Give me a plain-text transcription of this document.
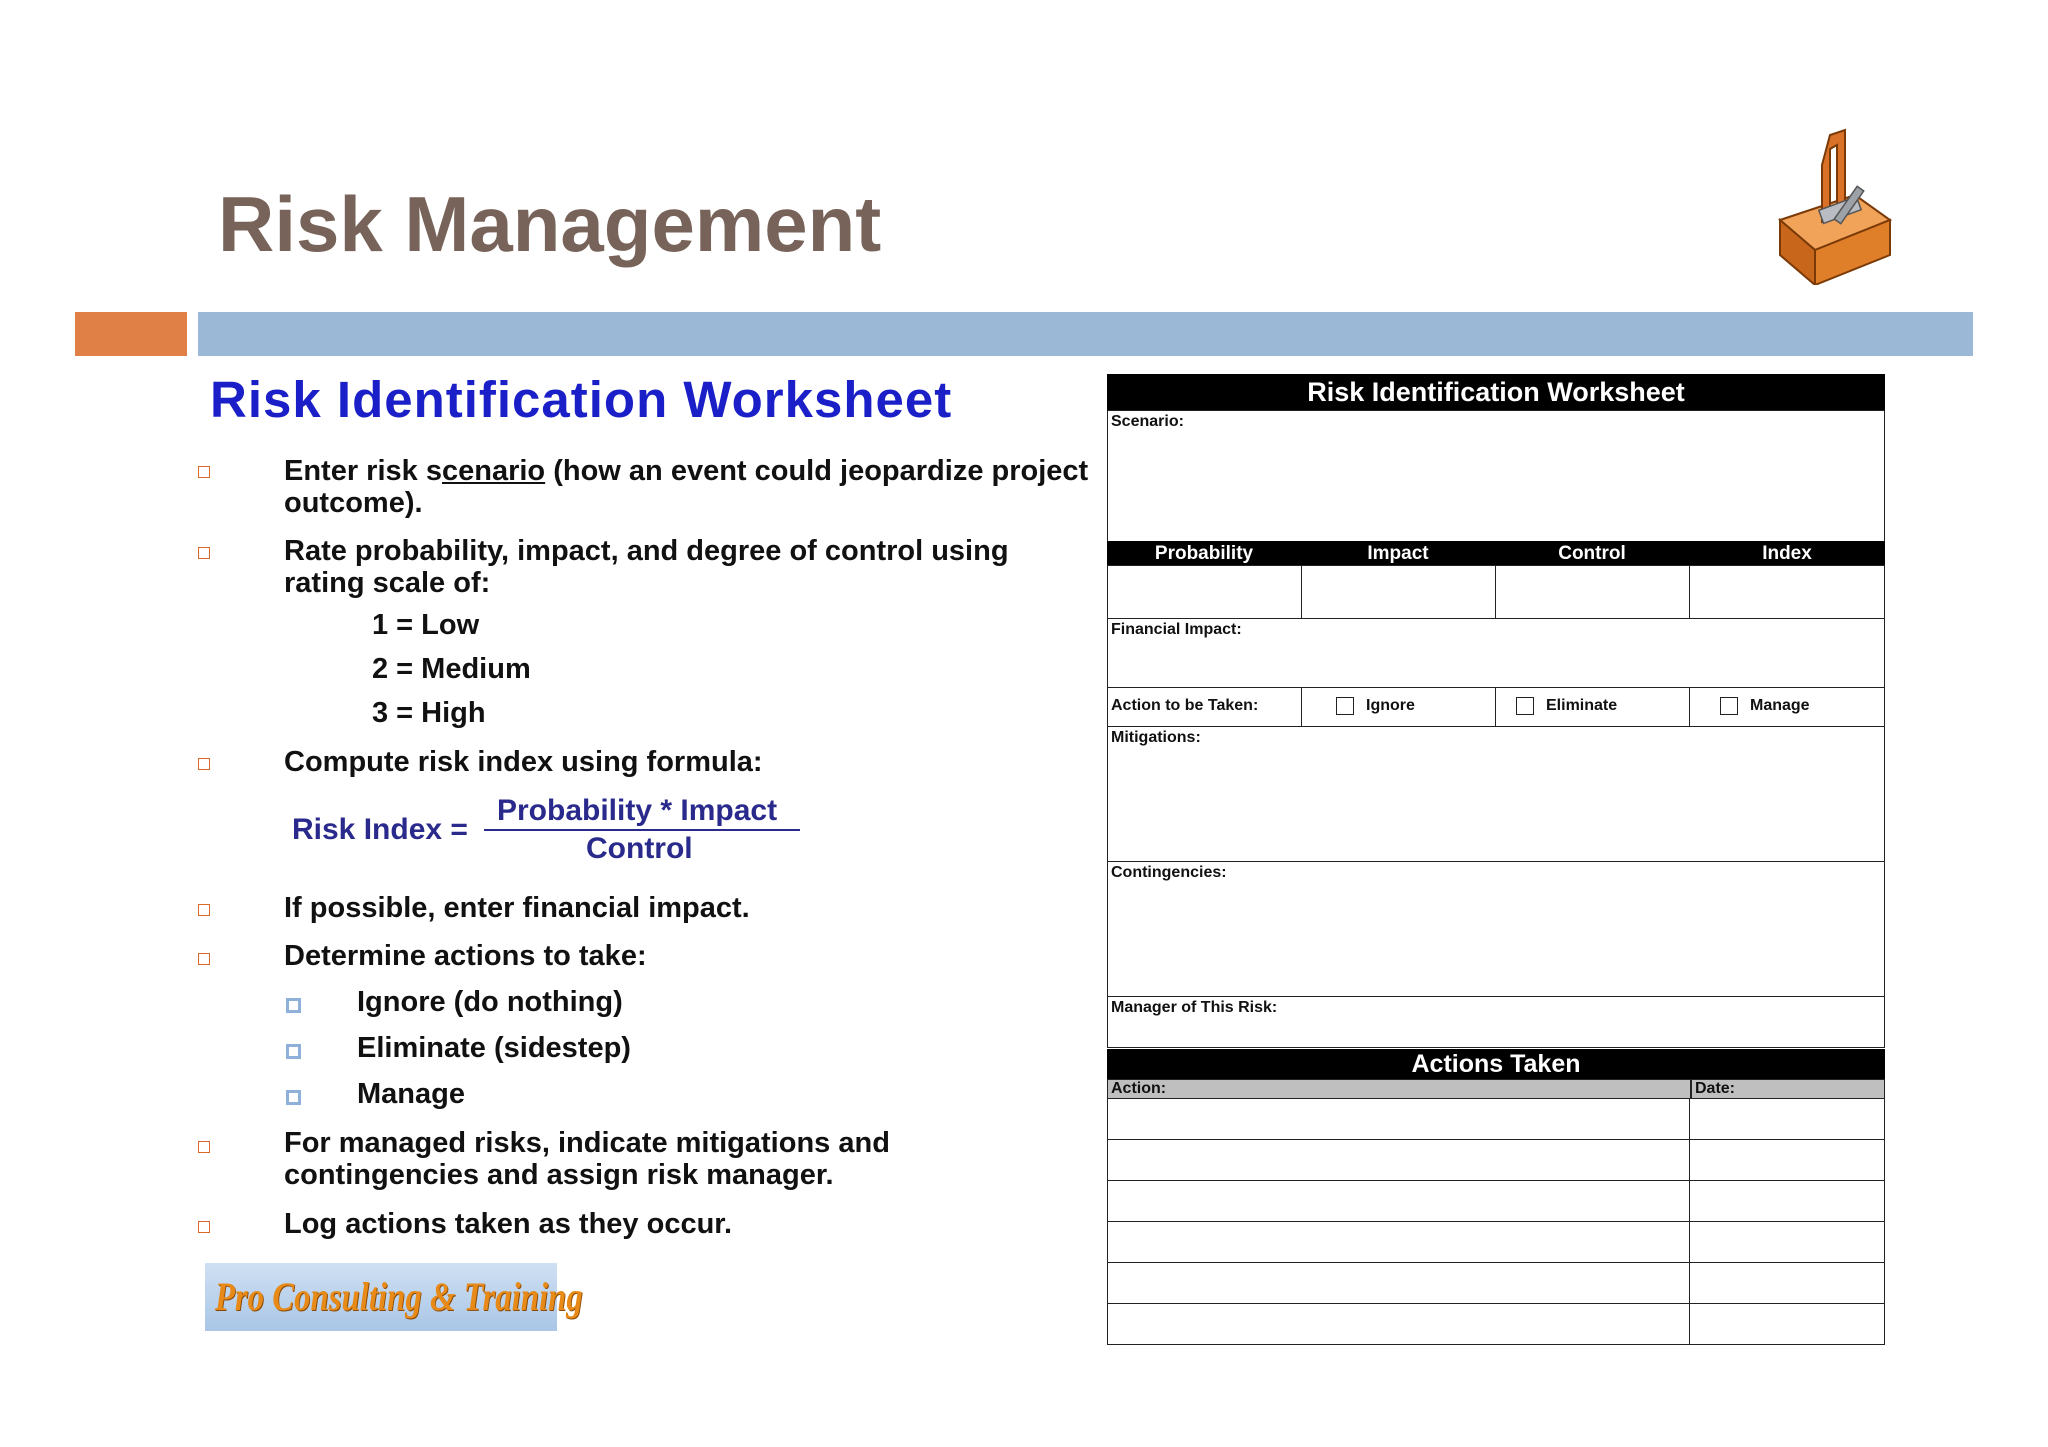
Risk Management
Risk Identification Worksheet
Enter risk scenario (how an event could jeopardize project
outcome).
Rate probability, impact, and degree of control using
rating scale of:
1 = Low
2 = Medium
3 = High
Compute risk index using formula:
Risk Index =
Probability * Impact
Control
If possible, enter financial impact.
Determine actions to take:
Ignore (do nothing)
Eliminate (sidestep)
Manage
For managed risks, indicate mitigations and
contingencies and assign risk manager.
Log actions taken as they occur.
Pro Consulting & Training
Risk Identification Worksheet
Scenario:
Probability	Impact	Control	Index
Financial Impact:
Action to be Taken:	Ignore	Eliminate	Manage
Mitigations:
Contingencies:
Manager of This Risk:
Actions Taken
Action:	Date:
